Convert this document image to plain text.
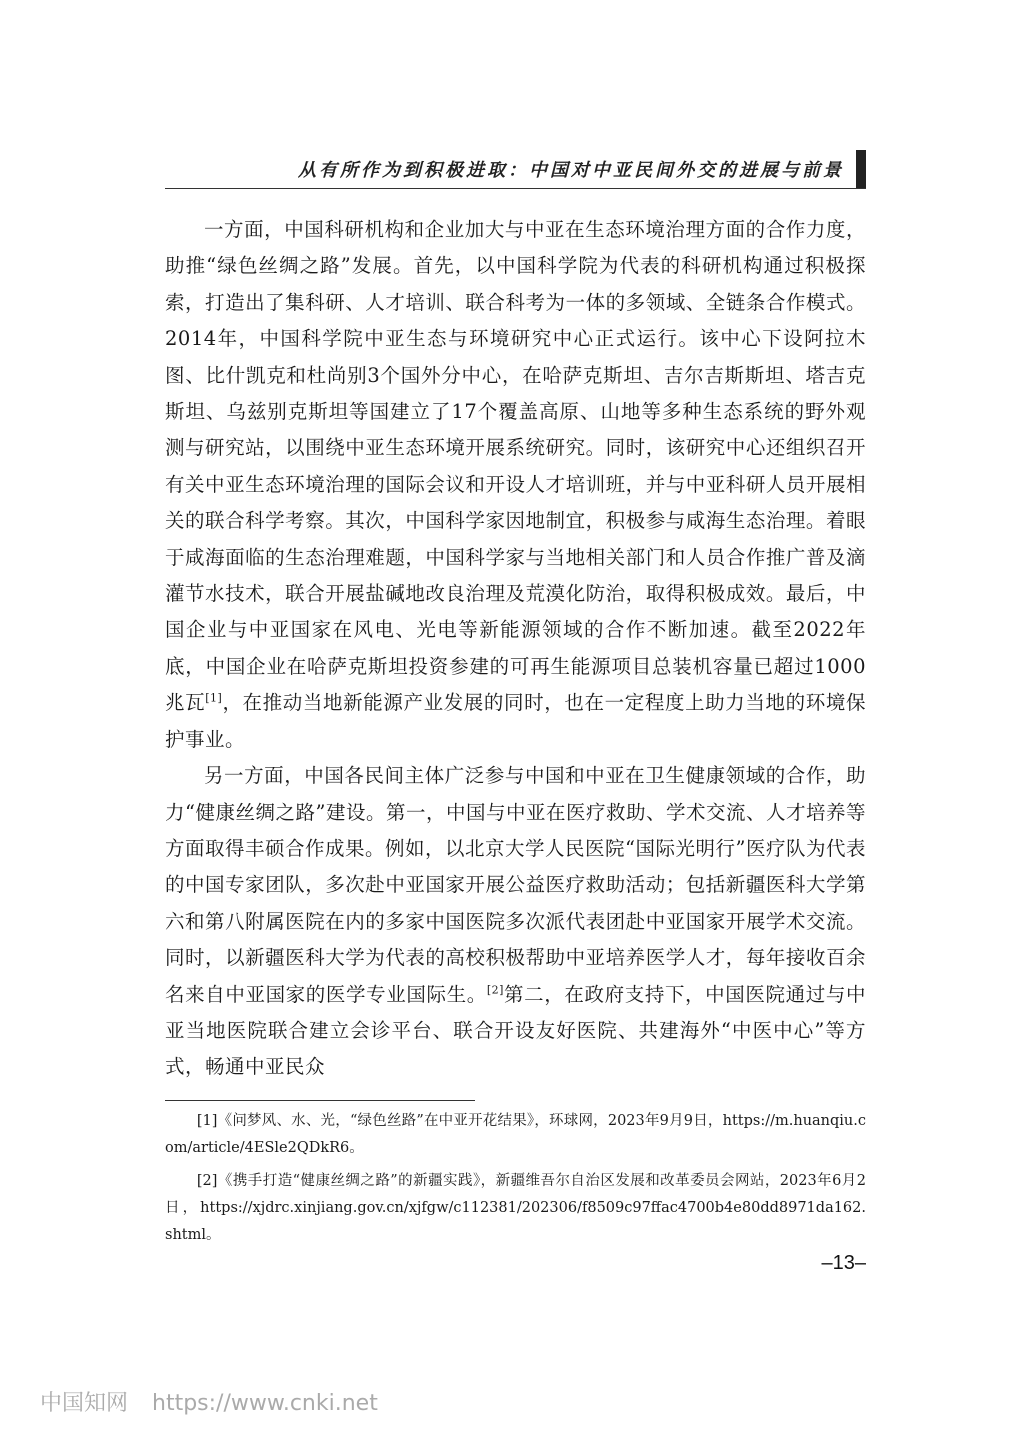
从有所作为到积极进取：中国对中亚民间外交的进展与前景

一方面，中国科研机构和企业加大与中亚在生态环境治理方面的合作力度，助推“绿色丝绸之路”发展。首先，以中国科学院为代表的科研机构通过积极探索，打造出了集科研、人才培训、联合科考为一体的多领域、全链条合作模式。2014年，中国科学院中亚生态与环境研究中心正式运行。该中心下设阿拉木图、比什凯克和杜尚别3个国外分中心，在哈萨克斯坦、吉尔吉斯斯坦、塔吉克斯坦、乌兹别克斯坦等国建立了17个覆盖高原、山地等多种生态系统的野外观测与研究站，以围绕中亚生态环境开展系统研究。同时，该研究中心还组织召开有关中亚生态环境治理的国际会议和开设人才培训班，并与中亚科研人员开展相关的联合科学考察。其次，中国科学家因地制宜，积极参与咸海生态治理。着眼于咸海面临的生态治理难题，中国科学家与当地相关部门和人员合作推广普及滴灌节水技术，联合开展盐碱地改良治理及荒漠化防治，取得积极成效。最后，中国企业与中亚国家在风电、光电等新能源领域的合作不断加速。截至2022年底，中国企业在哈萨克斯坦投资参建的可再生能源项目总装机容量已超过1000兆瓦[1]，在推动当地新能源产业发展的同时，也在一定程度上助力当地的环境保护事业。

另一方面，中国各民间主体广泛参与中国和中亚在卫生健康领域的合作，助力“健康丝绸之路”建设。第一，中国与中亚在医疗救助、学术交流、人才培养等方面取得丰硕合作成果。例如，以北京大学人民医院“国际光明行”医疗队为代表的中国专家团队，多次赴中亚国家开展公益医疗救助活动；包括新疆医科大学第六和第八附属医院在内的多家中国医院多次派代表团赴中亚国家开展学术交流。同时，以新疆医科大学为代表的高校积极帮助中亚培养医学人才，每年接收百余名来自中亚国家的医学专业国际生。[2]第二，在政府支持下，中国医院通过与中亚当地医院联合建立会诊平台、联合开设友好医院、共建海外“中医中心”等方式，畅通中亚民众

[1]《问梦风、水、光，“绿色丝路”在中亚开花结果》，环球网，2023年9月9日，https://m.huanqiu.com/article/4ESle2QDkR6。

[2]《携手打造“健康丝绸之路”的新疆实践》，新疆维吾尔自治区发展和改革委员会网站，2023年6月2日，https://xjdrc.xinjiang.gov.cn/xjfgw/c112381/202306/f8509c97ffac4700b4e80dd8971da162.shtml。

–13–
中国知网 https://www.cnki.net
